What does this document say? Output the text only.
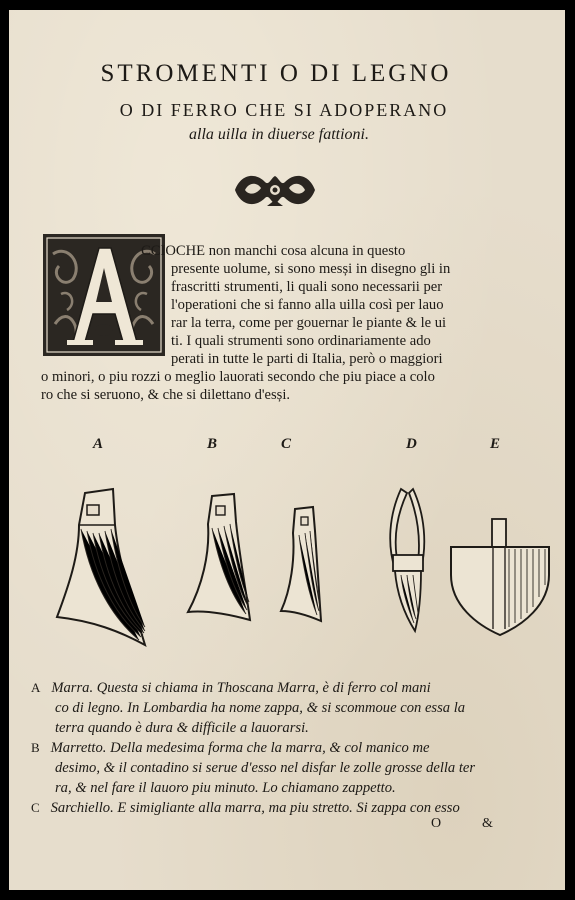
STROMENTI O DI LEGNO
O DI FERRO CHE SI ADOPERANO
alla uilla in diuerse fattioni.
CCIOCHE non manchi cosa alcuna in questo
presente uolume, si sono mesși in disegno gli in
frascritti strumenti, li quali sono necessarii per
l'operationi che si fanno alla uilla così per lauo
rar la terra, come per gouernar le piante & le ui
ti. I quali strumenti sono ordinariamente ado
perati in tutte le parti di Italia, però o maggiori
o minori, o piu rozzi o meglio lauorati secondo che piu piace a colo
ro che si seruono, & che si dilettano d'esși.
A	B	C	D	E
A Marra. Questa si chiama in Thoscana Marra, è di ferro col mani
co di legno. In Lombardia ha nome zappa, & si scommoue con essa la
terra quando è dura & difficile a lauorarsi.
B Marretto. Della medesima forma che la marra, & col manico me
desimo, & il contadino si serue d'esso nel disfar le zolle grosse della ter
ra, & nel fare il lauoro piu minuto. Lo chiamano zappetto.
C Sarchiello. E simigliante alla marra, ma piu stretto. Si zappa con esso
O	&
